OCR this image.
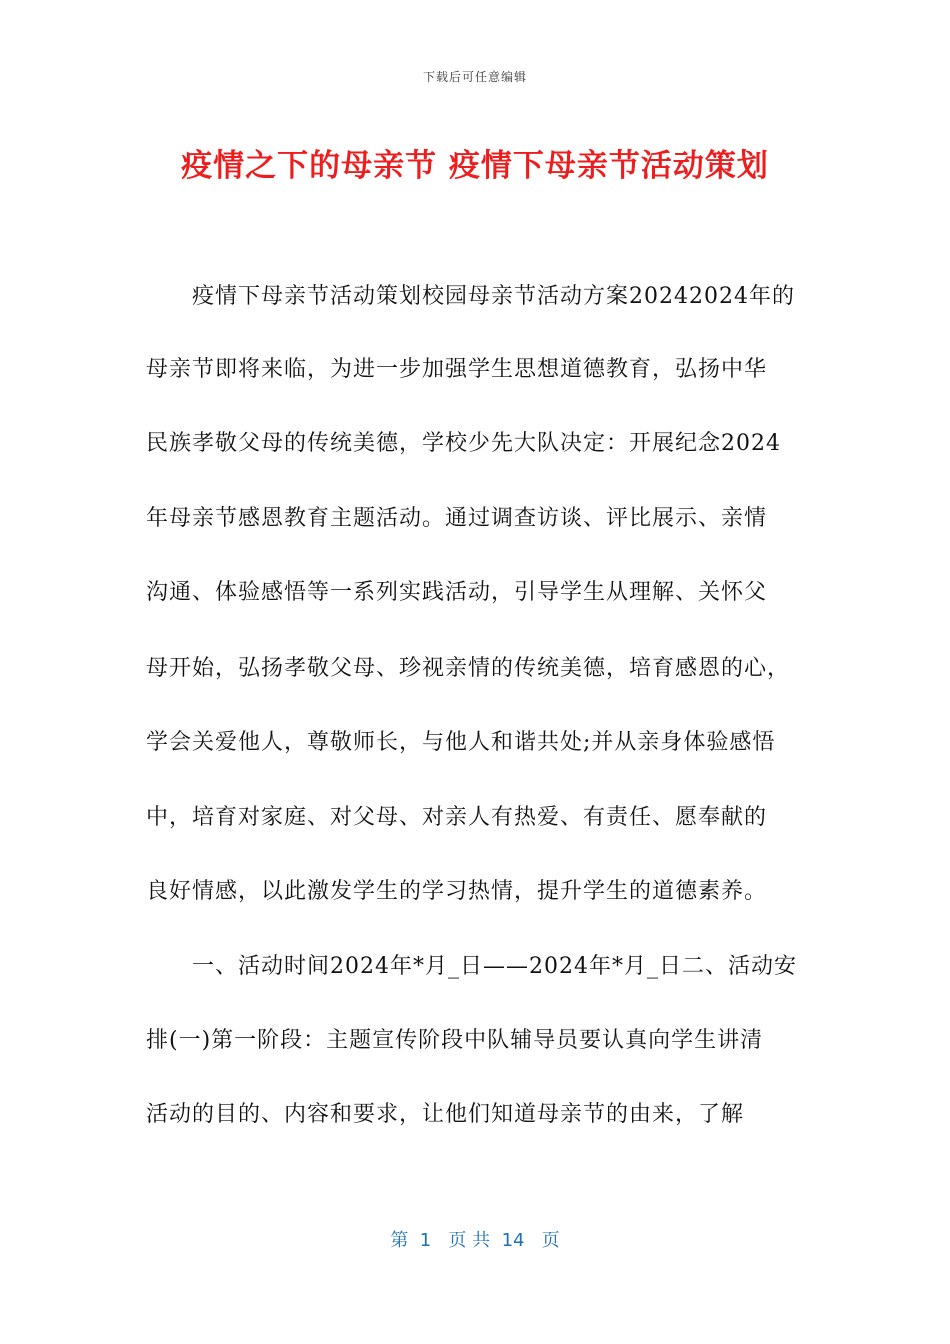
下载后可任意编辑
疫情之下的母亲节 疫情下母亲节活动策划
疫情下母亲节活动策划校园母亲节活动方案20242024年的
母亲节即将来临，为进一步加强学生思想道德教育，弘扬中华
民族孝敬父母的传统美德，学校少先大队决定：开展纪念2024
年母亲节感恩教育主题活动。通过调查访谈、评比展示、亲情
沟通、体验感悟等一系列实践活动，引导学生从理解、关怀父
母开始，弘扬孝敬父母、珍视亲情的传统美德，培育感恩的心，
学会关爱他人，尊敬师长，与他人和谐共处;并从亲身体验感悟
中，培育对家庭、对父母、对亲人有热爱、有责任、愿奉献的
良好情感，以此激发学生的学习热情，提升学生的道德素养。
一、活动时间2024年*月_日——2024年*月_日二、活动安
排(一)第一阶段：主题宣传阶段中队辅导员要认真向学生讲清
活动的目的、内容和要求，让他们知道母亲节的由来，了解
第  1   页 共  14   页
